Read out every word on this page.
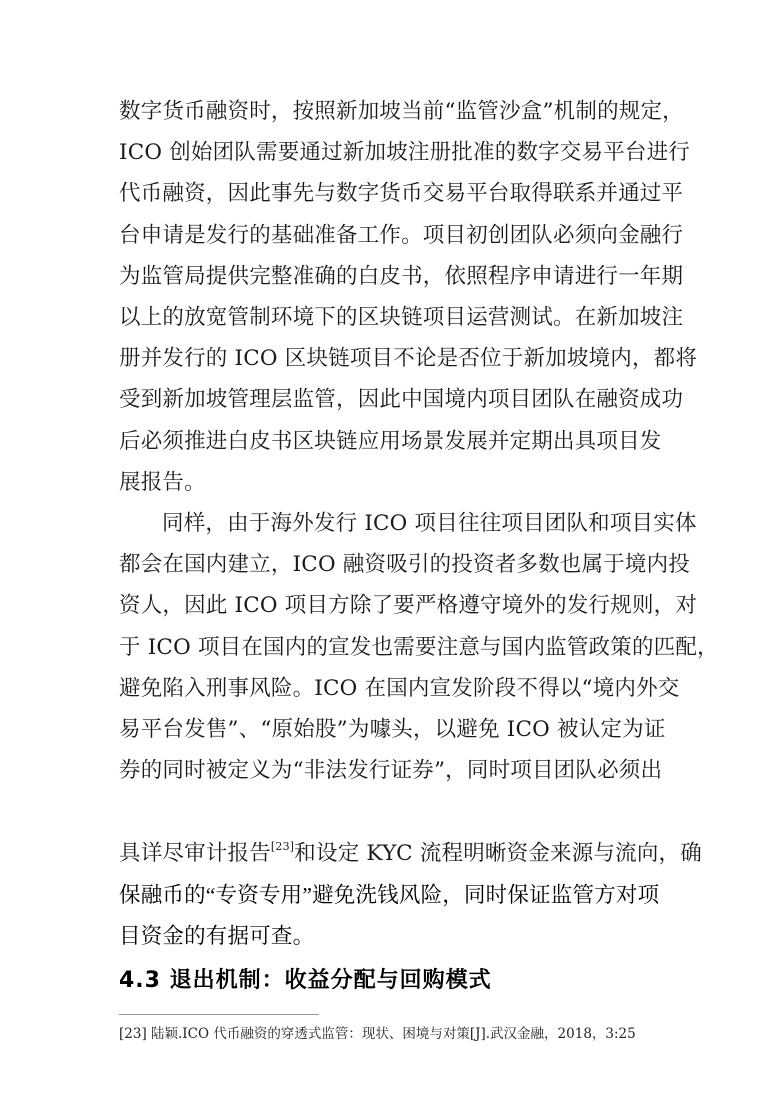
数字货币融资时，按照新加坡当前“监管沙盒”机制的规定，
ICO 创始团队需要通过新加坡注册批准的数字交易平台进行
代币融资，因此事先与数字货币交易平台取得联系并通过平
台申请是发行的基础准备工作。项目初创团队必须向金融行
为监管局提供完整准确的白皮书，依照程序申请进行一年期
以上的放宽管制环境下的区块链项目运营测试。在新加坡注
册并发行的 ICO 区块链项目不论是否位于新加坡境内，都将
受到新加坡管理层监管，因此中国境内项目团队在融资成功
后必须推进白皮书区块链应用场景发展并定期出具项目发
展报告。
同样，由于海外发行 ICO 项目往往项目团队和项目实体
都会在国内建立，ICO 融资吸引的投资者多数也属于境内投
资人，因此 ICO 项目方除了要严格遵守境外的发行规则，对
于 ICO 项目在国内的宣发也需要注意与国内监管政策的匹配，
避免陷入刑事风险。ICO 在国内宣发阶段不得以“境内外交
易平台发售”、“原始股”为噱头，以避免 ICO 被认定为证
券的同时被定义为“非法发行证券”，同时项目团队必须出
具详尽审计报告[23]和设定 KYC 流程明晰资金来源与流向，确
保融币的“专资专用”避免洗钱风险，同时保证监管方对项
目资金的有据可查。
4.3 退出机制：收益分配与回购模式
[23] 陆颖.ICO 代币融资的穿透式监管：现状、困境与对策[J].武汉金融，2018，3:25
